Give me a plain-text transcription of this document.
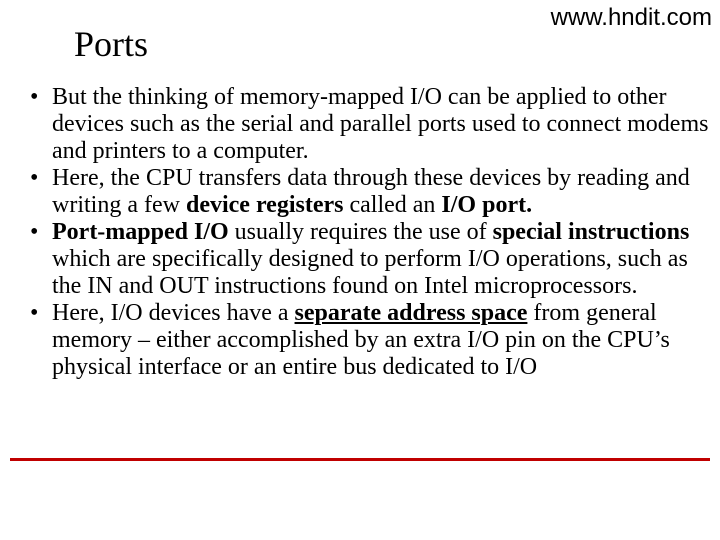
www.hndit.com
Ports
• But the thinking of memory-mapped I/O can be applied to other devices such as the serial and parallel ports used to connect modems and printers to a computer.
• Here, the CPU transfers data through these devices by reading and writing a few device registers called an I/O port.
• Port-mapped I/O usually requires the use of special instructions which are specifically designed to perform I/O operations, such as the IN and OUT instructions found on Intel microprocessors.
• Here, I/O devices have a separate address space from general memory – either accomplished by an extra I/O pin on the CPU’s physical interface or an entire bus dedicated to I/O
